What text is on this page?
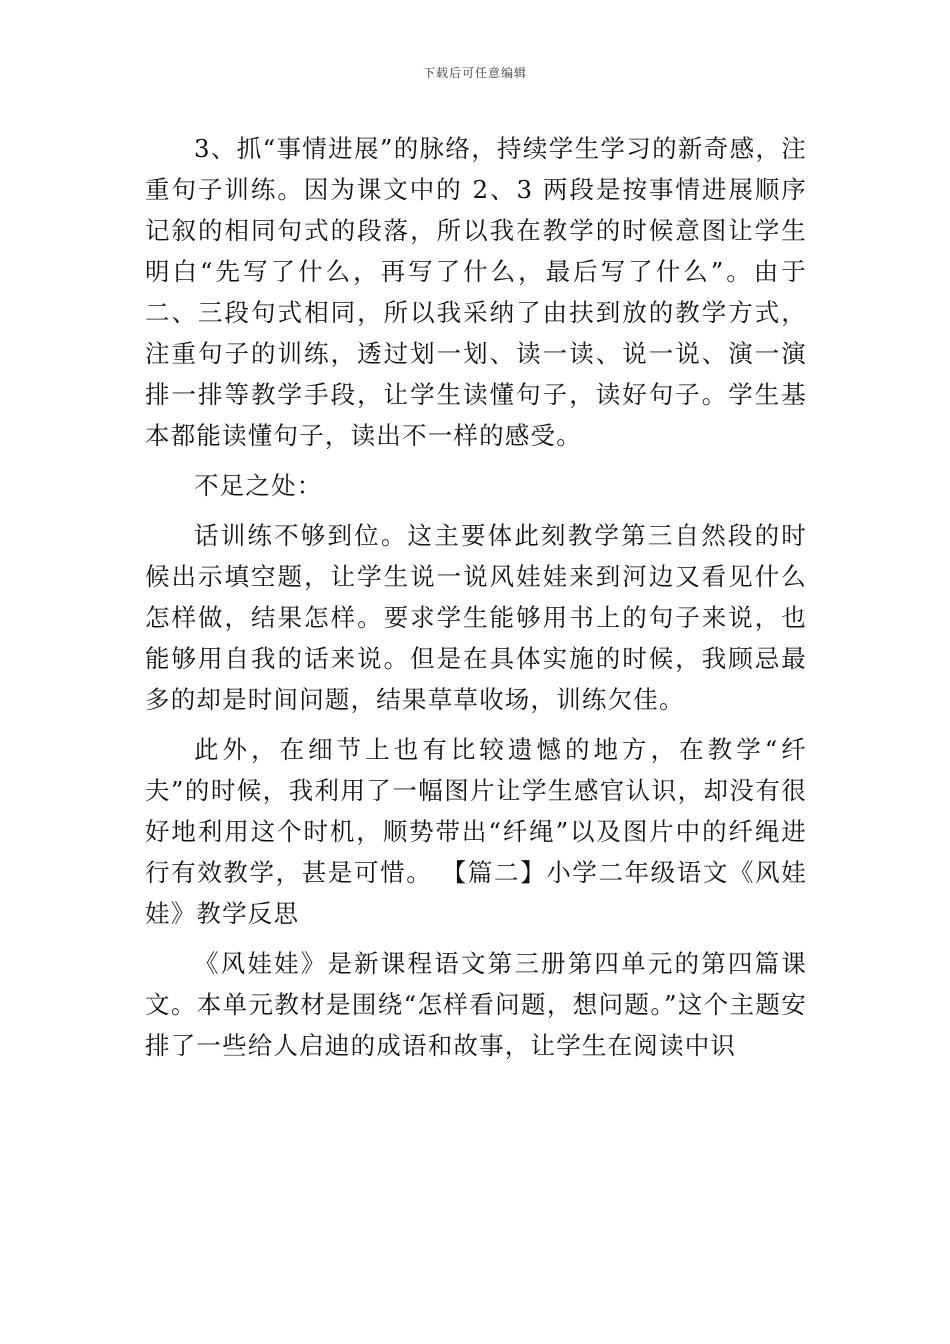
下载后可任意编辑

3、抓“事情进展”的脉络，持续学生学习的新奇感，注重句子训练。因为课文中的 2、3 两段是按事情进展顺序记叙的相同句式的段落，所以我在教学的时候意图让学生明白“先写了什么，再写了什么，最后写了什么”。由于二、三段句式相同，所以我采纳了由扶到放的教学方式，注重句子的训练，透过划一划、读一读、说一说、演一演排一排等教学手段，让学生读懂句子，读好句子。学生基本都能读懂句子，读出不一样的感受。

不足之处：

话训练不够到位。这主要体此刻教学第三自然段的时候出示填空题，让学生说一说风娃娃来到河边又看见什么怎样做，结果怎样。要求学生能够用书上的句子来说，也能够用自我的话来说。但是在具体实施的时候，我顾忌最多的却是时间问题，结果草草收场，训练欠佳。

此外，在细节上也有比较遗憾的地方，在教学“纤夫”的时候，我利用了一幅图片让学生感官认识，却没有很好地利用这个时机，顺势带出“纤绳”以及图片中的纤绳进行有效教学，甚是可惜。 【篇二】小学二年级语文《风娃娃》教学反思

《风娃娃》是新课程语文第三册第四单元的第四篇课文。本单元教材是围绕“怎样看问题，想问题。”这个主题安排了一些给人启迪的成语和故事，让学生在阅读中识
